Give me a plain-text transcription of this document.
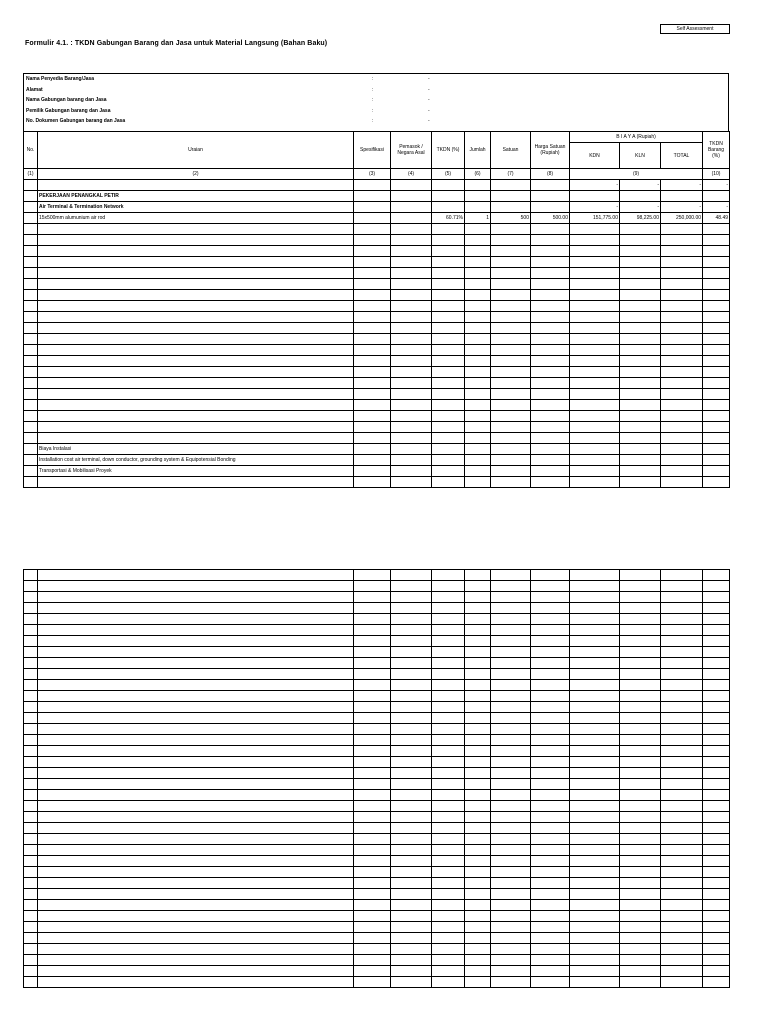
Self Assessment
Formulir 4.1. : TKDN Gabungan Barang dan Jasa untuk Material Langsung (Bahan Baku)
Nama Penyedia Barang/Jasa	:	-
Alamat	:	-
Nama Gabungan barang dan Jasa	:	-
Pemilik Gabungan barang dan Jasa	:	-
No. Dokumen Gabungan barang dan Jasa	:	-
No.	Uraian	Spesifikasi	Pemasok / Negara Asal	TKDN (%)	Jumlah	Satuan	Harga Satuan (Rupiah)	B I A Y A (Rupiah)			TKDN Barang (%)
								KDN	KLN	TOTAL	
(1)	(2)	(3)	(4)	(5)	(6)	(7)	(8)	(9)			(10)
								-	-	-	-
	PEKERJAAN PENANGKAL PETIR										
	Air Terminal & Termination Network							-	-	-	-
	15x500mm alumunium air rod			60.71%	1	500	500.00	151,775.00	98,225.00	250,000.00	48.49

	Biaya Instalasi										
	Installation cost air terminal, down conductor, grounding system & Equipotensial Bonding										
	Transportasi & Mobilisasi Proyek										
